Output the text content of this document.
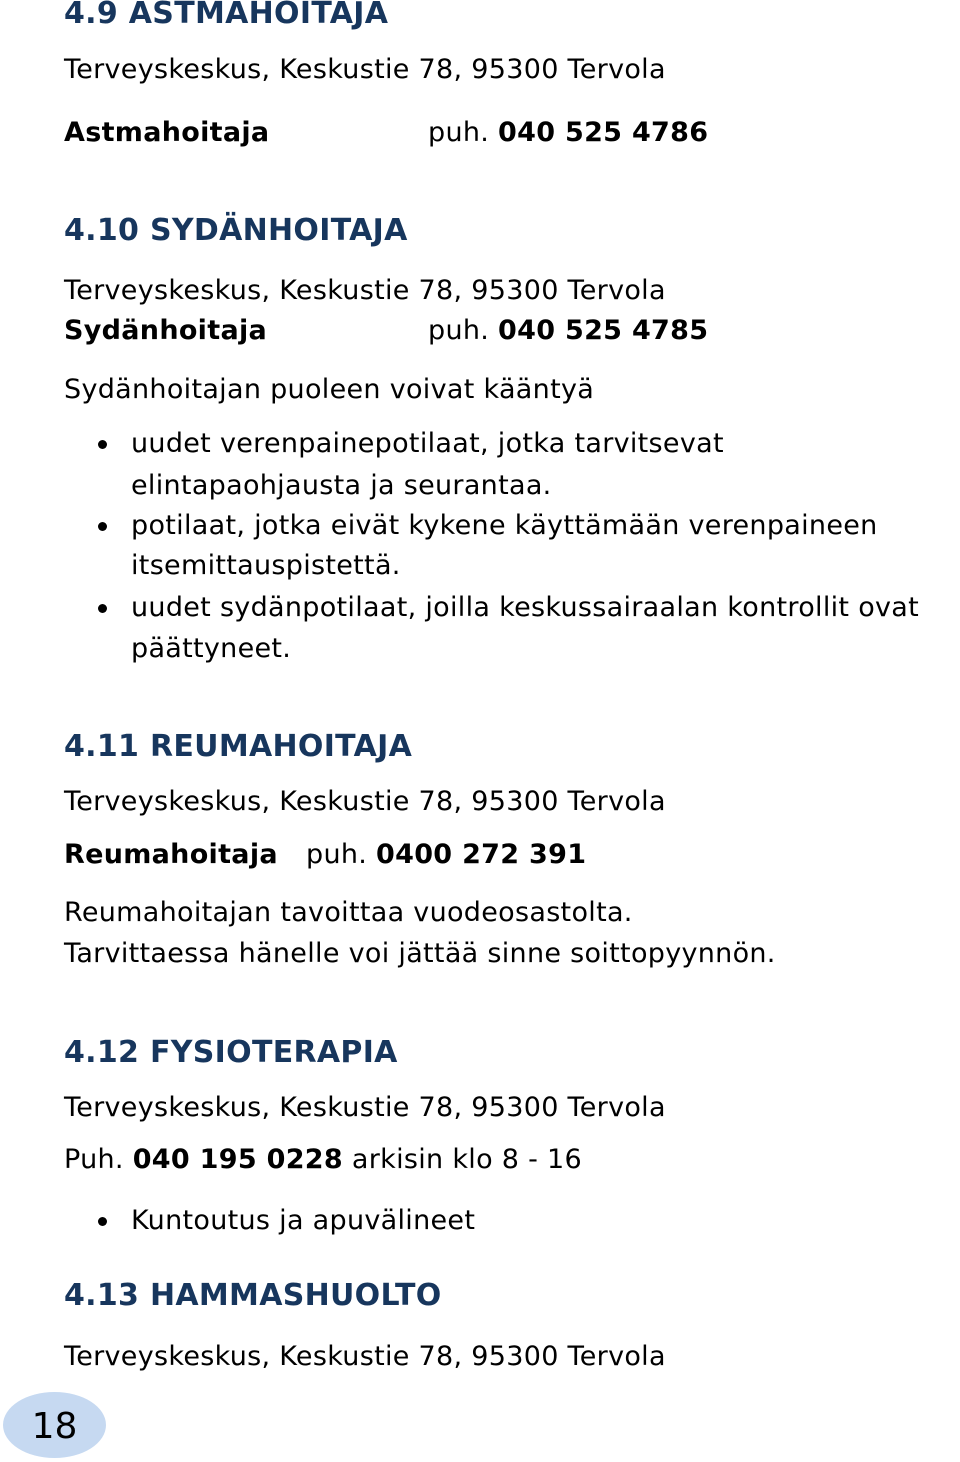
4.9 ASTMAHOITAJA
Terveyskeskus, Keskustie 78, 95300 Tervola
Astmahoitaja	puh. 040 525 4786
4.10 SYDÄNHOITAJA
Terveyskeskus, Keskustie 78, 95300 Tervola
Sydänhoitaja	puh. 040 525 4785
Sydänhoitajan puoleen voivat kääntyä
uudet verenpainepotilaat, jotka tarvitsevat
elintapaohjausta ja seurantaa.
potilaat, jotka eivät kykene käyttämään verenpaineen
itsemittauspistettä.
uudet sydänpotilaat, joilla keskussairaalan kontrollit ovat
päättyneet.
4.11 REUMAHOITAJA
Terveyskeskus, Keskustie 78, 95300 Tervola
Reumahoitaja puh. 0400 272 391
Reumahoitajan tavoittaa vuodeosastolta.
Tarvittaessa hänelle voi jättää sinne soittopyynnön.
4.12 FYSIOTERAPIA
Terveyskeskus, Keskustie 78, 95300 Tervola
Puh. 040 195 0228 arkisin klo 8 - 16
Kuntoutus ja apuvälineet
4.13 HAMMASHUOLTO
Terveyskeskus, Keskustie 78, 95300 Tervola
18
